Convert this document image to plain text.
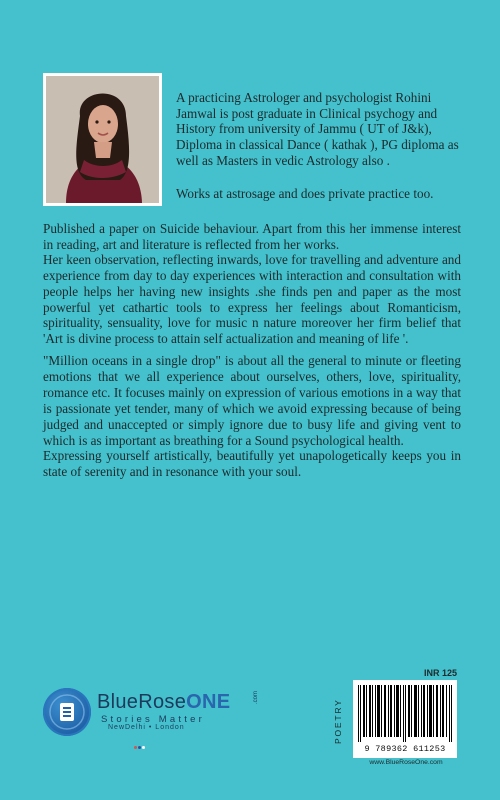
A practicing Astrologer and psychologist Rohini Jamwal is post graduate in Clinical psychogy and History from university of Jammu ( UT of J&k), Diploma in classical Dance ( kathak ), PG diploma as well as Masters in vedic Astrology also .

Works at astrosage and does private practice too.

Published a paper on Suicide behaviour. Apart from this her immense interest in reading, art and literature is reflected from her works.

Her keen observation, reflecting inwards, love for travelling and adventure and experience from day to day experiences with interaction and consultation with people helps her having new insights .she finds pen and paper as the most powerful yet cathartic tools to express her feelings about Romanticism, spirituality, sensuality, love for music n nature moreover her firm belief that 'Art is divine process to attain self actualization and meaning of life '.

"Million oceans in a single drop" is about all the general to minute or fleeting emotions that we all experience about ourselves, others, love, spirituality, romance etc. It focuses mainly on expression of various emotions in a way that is passionate yet tender, many of which we avoid expressing because of being judged and unaccepted or simply ignore due to busy life and giving vent to which is as important as breathing for a Sound psychological health.

Expressing yourself artistically, beautifully yet unapologetically keeps you in state of serenity and in resonance with your soul.

BlueRoseONE	.com
Stories Matter
NewDelhi • London	POETRY
INR 125
9 789362 611253
www.BlueRoseOne.com
